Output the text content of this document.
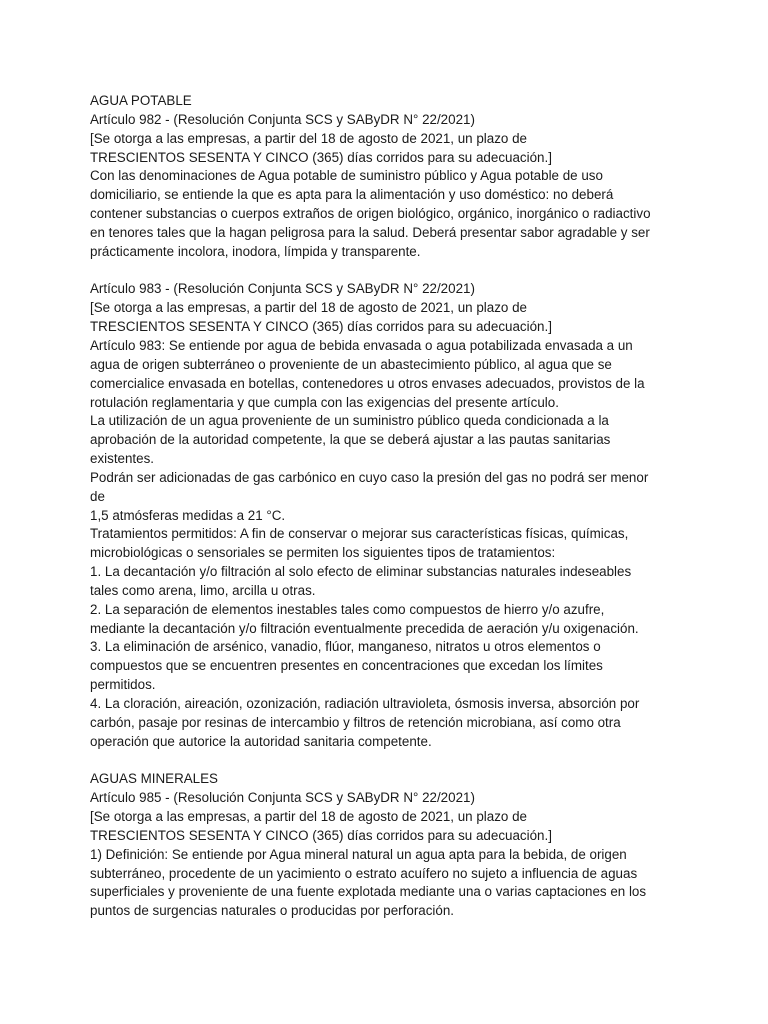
AGUA POTABLE
Artículo 982 - (Resolución Conjunta SCS y SAByDR N° 22/2021)
[Se otorga a las empresas, a partir del 18 de agosto de 2021, un plazo de
TRESCIENTOS SESENTA Y CINCO (365) días corridos para su adecuación.]
Con las denominaciones de Agua potable de suministro público y Agua potable de uso
domiciliario, se entiende la que es apta para la alimentación y uso doméstico: no deberá
contener substancias o cuerpos extraños de origen biológico, orgánico, inorgánico o radiactivo
en tenores tales que la hagan peligrosa para la salud. Deberá presentar sabor agradable y ser
prácticamente incolora, inodora, límpida y transparente.
Artículo 983 - (Resolución Conjunta SCS y SAByDR N° 22/2021)
[Se otorga a las empresas, a partir del 18 de agosto de 2021, un plazo de
TRESCIENTOS SESENTA Y CINCO (365) días corridos para su adecuación.]
Artículo 983: Se entiende por agua de bebida envasada o agua potabilizada envasada a un
agua de origen subterráneo o proveniente de un abastecimiento público, al agua que se
comercialice envasada en botellas, contenedores u otros envases adecuados, provistos de la
rotulación reglamentaria y que cumpla con las exigencias del presente artículo.
La utilización de un agua proveniente de un suministro público queda condicionada a la
aprobación de la autoridad competente, la que se deberá ajustar a las pautas sanitarias
existentes.
Podrán ser adicionadas de gas carbónico en cuyo caso la presión del gas no podrá ser menor
de
1,5 atmósferas medidas a 21 °C.
Tratamientos permitidos: A fin de conservar o mejorar sus características físicas, químicas,
microbiológicas o sensoriales se permiten los siguientes tipos de tratamientos:
1. La decantación y/o filtración al solo efecto de eliminar substancias naturales indeseables
tales como arena, limo, arcilla u otras.
2. La separación de elementos inestables tales como compuestos de hierro y/o azufre,
mediante la decantación y/o filtración eventualmente precedida de aeración y/u oxigenación.
3. La eliminación de arsénico, vanadio, flúor, manganeso, nitratos u otros elementos o
compuestos que se encuentren presentes en concentraciones que excedan los límites
permitidos.
4. La cloración, aireación, ozonización, radiación ultravioleta, ósmosis inversa, absorción por
carbón, pasaje por resinas de intercambio y filtros de retención microbiana, así como otra
operación que autorice la autoridad sanitaria competente.
AGUAS MINERALES
Artículo 985 - (Resolución Conjunta SCS y SAByDR N° 22/2021)
[Se otorga a las empresas, a partir del 18 de agosto de 2021, un plazo de
TRESCIENTOS SESENTA Y CINCO (365) días corridos para su adecuación.]
1) Definición: Se entiende por Agua mineral natural un agua apta para la bebida, de origen
subterráneo, procedente de un yacimiento o estrato acuífero no sujeto a influencia de aguas
superficiales y proveniente de una fuente explotada mediante una o varias captaciones en los
puntos de surgencias naturales o producidas por perforación.
